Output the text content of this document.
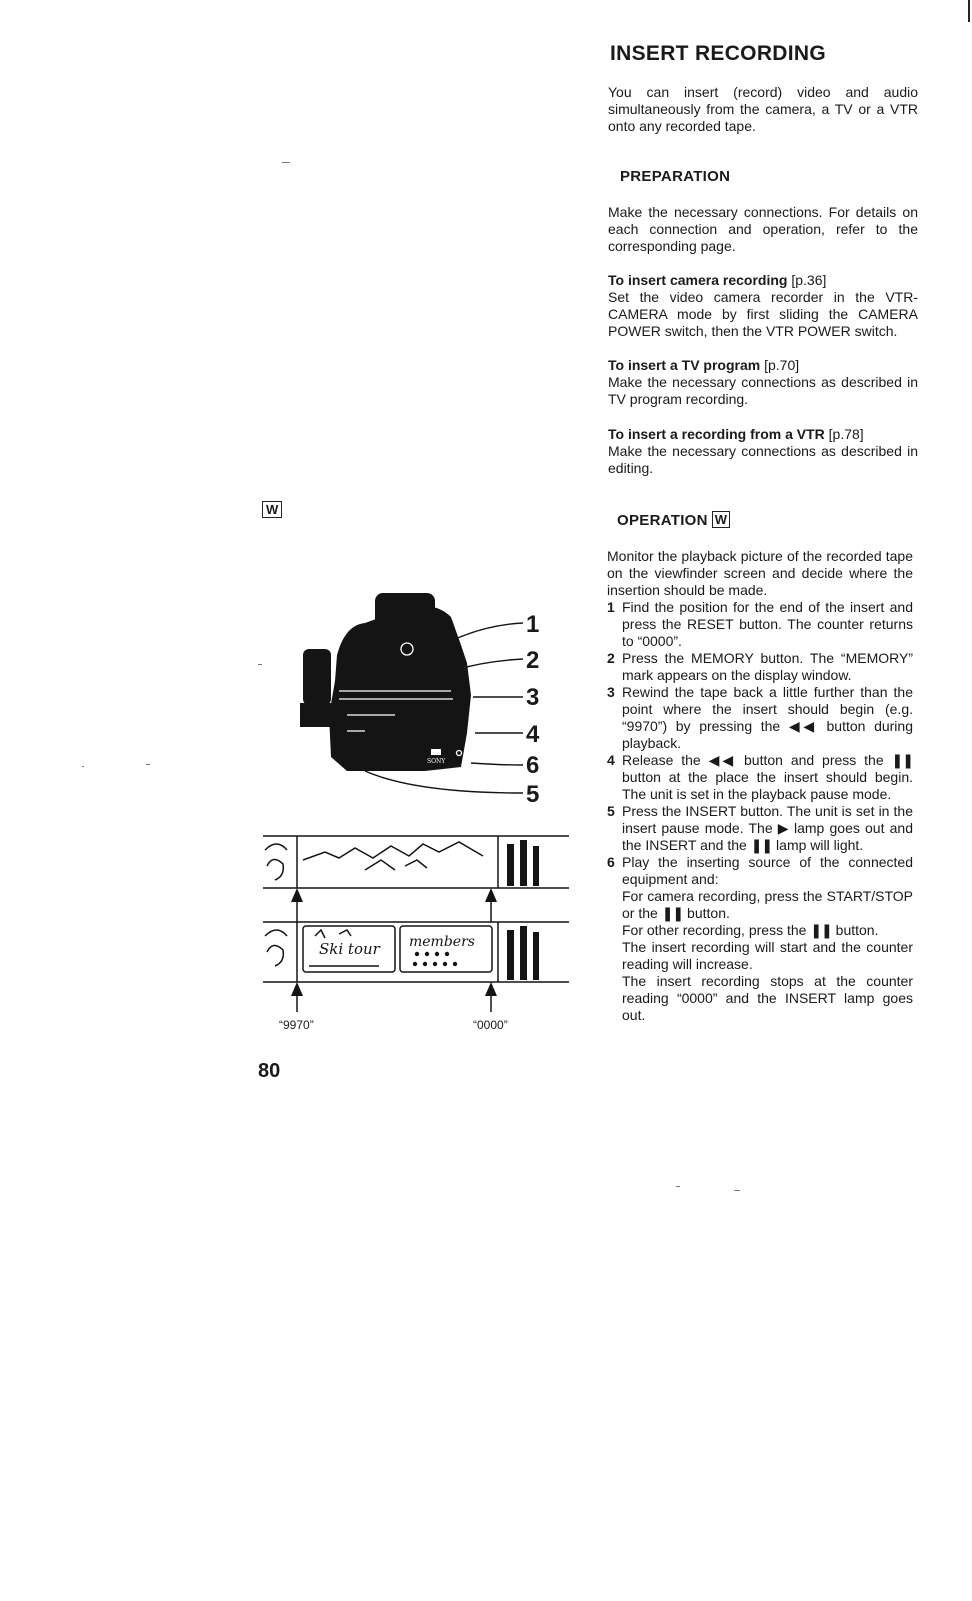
INSERT RECORDING

You can insert (record) video and audio simultaneously from the camera, a TV or a VTR onto any recorded tape.

PREPARATION

Make the necessary connections. For details on each connection and operation, refer to the corresponding page.

To insert camera recording [p.36]

Set the video camera recorder in the VTR-CAMERA mode by first sliding the CAMERA POWER switch, then the VTR POWER switch.

To insert a TV program [p.70]

Make the necessary connections as described in TV program recording.

To insert a recording from a VTR [p.78]

Make the necessary connections as described in editing.

OPERATION W

Monitor the playback picture of the recorded tape on the viewfinder screen and decide where the insertion should be made.

1 Find the position for the end of the insert and press the RESET button. The counter returns to “0000”.
2 Press the MEMORY button. The “MEMORY” mark appears on the display window.
3 Rewind the tape back a little further than the point where the insert should begin (e.g. “9970”) by pressing the ◀◀ button during playback.
4 Release the ◀◀ button and press the ❚❚ button at the place the insert should begin. The unit is set in the playback pause mode.
5 Press the INSERT button. The unit is set in the insert pause mode. The ▶ lamp goes out and the INSERT and the ❚❚ lamp will light.
6 Play the inserting source of the connected equipment and:
For camera recording, press the START/STOP or the ❚❚ button.
For other recording, press the ❚❚ button.
The insert recording will start and the counter reading will increase.
The insert recording stops at the counter reading “0000” and the INSERT lamp goes out.
W
SONY
1
2
3
4
6
5
Ski tour members
“9970”	“0000”
80
